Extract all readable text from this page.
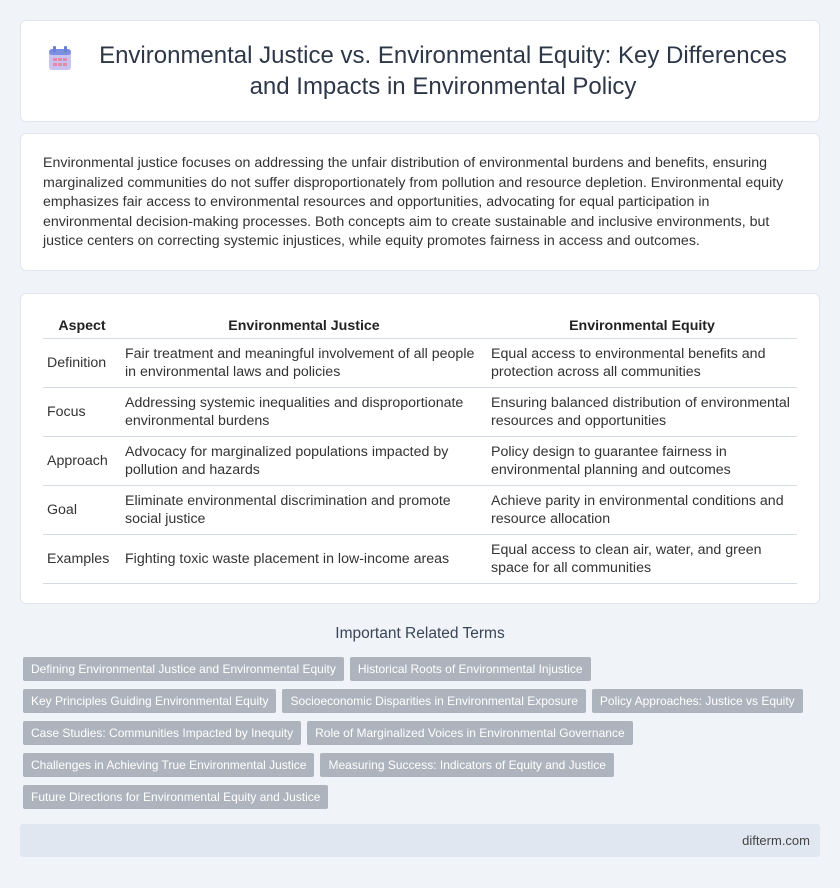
Environmental Justice vs. Environmental Equity: Key Differences and Impacts in Environmental Policy

Environmental justice focuses on addressing the unfair distribution of environmental burdens and benefits, ensuring marginalized communities do not suffer disproportionately from pollution and resource depletion. Environmental equity emphasizes fair access to environmental resources and opportunities, advocating for equal participation in environmental decision-making processes. Both concepts aim to create sustainable and inclusive environments, but justice centers on correcting systemic injustices, while equity promotes fairness in access and outcomes.

Aspect	Environmental Justice	Environmental Equity
Definition	Fair treatment and meaningful involvement of all people in environmental laws and policies	Equal access to environmental benefits and protection across all communities
Focus	Addressing systemic inequalities and disproportionate environmental burdens	Ensuring balanced distribution of environmental resources and opportunities
Approach	Advocacy for marginalized populations impacted by pollution and hazards	Policy design to guarantee fairness in environmental planning and outcomes
Goal	Eliminate environmental discrimination and promote social justice	Achieve parity in environmental conditions and resource allocation
Examples	Fighting toxic waste placement in low-income areas	Equal access to clean air, water, and green space for all communities
Important Related Terms
Defining Environmental Justice and Environmental Equity Historical Roots of Environmental Injustice
Key Principles Guiding Environmental Equity Socioeconomic Disparities in Environmental Exposure Policy Approaches: Justice vs Equity
Case Studies: Communities Impacted by Inequity Role of Marginalized Voices in Environmental Governance
Challenges in Achieving True Environmental Justice Measuring Success: Indicators of Equity and Justice
Future Directions for Environmental Equity and Justice
difterm.com
